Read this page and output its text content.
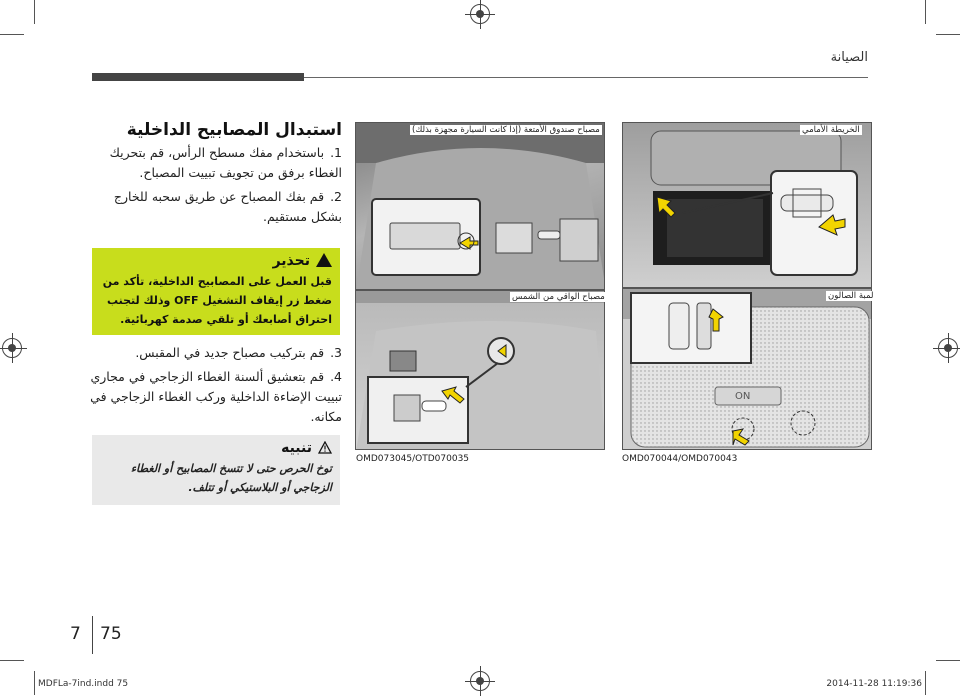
الصيانة
استبدال المصابيح الداخلية
1.باستخدام مفك مسطح الرأس، قم بتحريك الغطاء برفق من تجويف تبييت المصباح.
2.قم بفك المصباح عن طريق سحبه للخارج بشكل مستقيم.
تحذير
قبل العمل على المصابيح الداخلية، تأكد من ضغط زر إيقاف التشغيل OFF وذلك لتجنب احتراق أصابعك أو تلقي صدمة كهربائية.
3.قم بتركيب مصباح جديد في المقبس.
4.قم بتعشيق ألسنة الغطاء الزجاجي في مجاري تبييت الإضاءة الداخلية وركب الغطاء الزجاجي في مكانه.
تنبيه
توخ الحرص حتى لا تتسخ المصابيح أو الغطاء الزجاجي أو البلاستيكي أو تتلف.
مصباح صندوق الأمتعة (إذا كانت السيارة مجهزة بذلك)
مصباح الواقي من الشمس
OMD073045/OTD070035
الخريطة الأمامي
ON
لمبة الصالون
OMD070044/OMD070043
7 75
MDFLa-7ind.indd 75	2014-11-28 11:19:36
